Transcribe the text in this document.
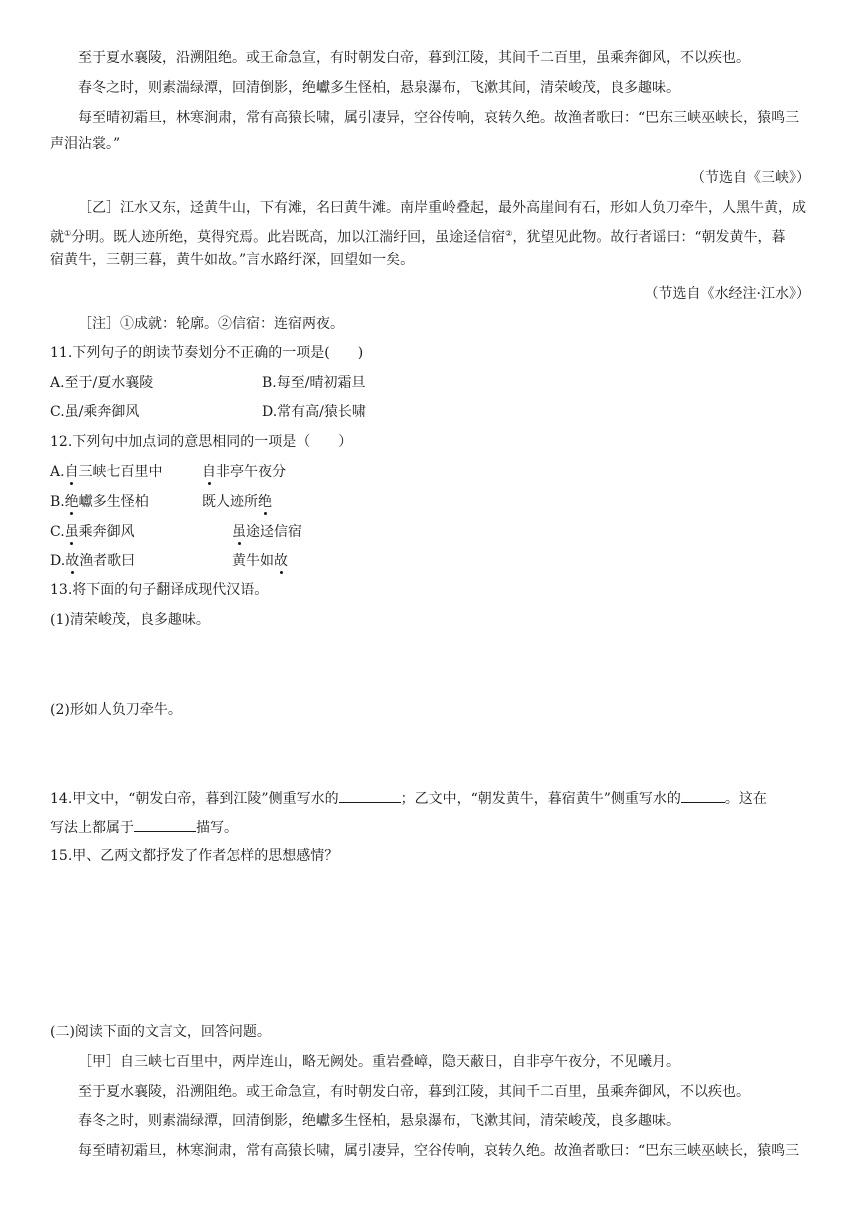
至于夏水襄陵，沿溯阻绝。或王命急宣，有时朝发白帝，暮到江陵，其间千二百里，虽乘奔御风，不以疾也。
春冬之时，则素湍绿潭，回清倒影，绝巘多生怪柏，悬泉瀑布，飞漱其间，清荣峻茂，良多趣味。
每至晴初霜旦，林寒涧肃，常有高猿长啸，属引凄异，空谷传响，哀转久绝。故渔者歌曰：“巴东三峡巫峡长，猿鸣三
声泪沾裳。”
（节选自《三峡》）
［乙］江水又东，迳黄牛山，下有滩，名曰黄牛滩。南岸重岭叠起，最外高崖间有石，形如人负刀牵牛，人黑牛黄，成
就①分明。既人迹所绝，莫得究焉。此岩既高，加以江湍纡回，虽途迳信宿②，犹望见此物。故行者谣曰：“朝发黄牛，暮
宿黄牛，三朝三暮，黄牛如故。”言水路纡深，回望如一矣。
（节选自《水经注·江水》）
［注］①成就：轮廓。②信宿：连宿两夜。
11.下列句子的朗读节奏划分不正确的一项是(　　)
A.至于/夏水襄陵	B.每至/晴初霜旦
C.虽/乘奔御风	D.常有高/猿长啸
12.下列句中加点词的意思相同的一项是（　　）
A.自三峡七百里中	自非亭午夜分
B.绝巘多生怪柏	既人迹所绝
C.虽乘奔御风	虽途迳信宿
D.故渔者歌曰	黄牛如故
13.将下面的句子翻译成现代汉语。
(1)清荣峻茂，良多趣味。
(2)形如人负刀牵牛。
14.甲文中，“朝发白帝，暮到江陵”侧重写水的	；乙文中，“朝发黄牛，暮宿黄牛”侧重写水的	。这在
写法上都属于	描写。
15.甲、乙两文都抒发了作者怎样的思想感情？
(二)阅读下面的文言文，回答问题。
［甲］自三峡七百里中，两岸连山，略无阙处。重岩叠嶂，隐天蔽日，自非亭午夜分，不见曦月。
至于夏水襄陵，沿溯阻绝。或王命急宣，有时朝发白帝，暮到江陵，其间千二百里，虽乘奔御风，不以疾也。
春冬之时，则素湍绿潭，回清倒影，绝巘多生怪柏，悬泉瀑布，飞漱其间，清荣峻茂，良多趣味。
每至晴初霜旦，林寒涧肃，常有高猿长啸，属引凄异，空谷传响，哀转久绝。故渔者歌曰：“巴东三峡巫峡长，猿鸣三
